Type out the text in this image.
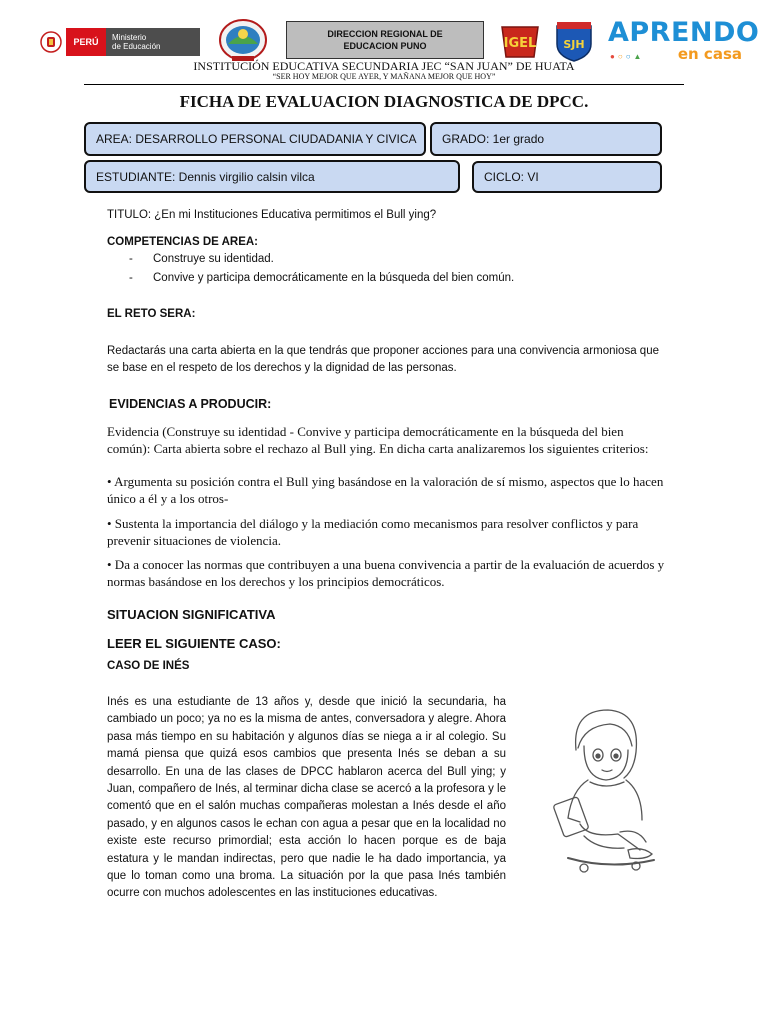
PERÚ	Ministerio
de Educación
DIRECCION REGIONAL DE
EDUCACION PUNO	IGEL SJH APRENDO
●○○▲ en casa
INSTITUCIÓN EDUCATIVA SECUNDARIA JEC “SAN JUAN” DE HUATA
“SER HOY MEJOR QUE AYER, Y MAÑANA MEJOR QUE HOY”
FICHA DE EVALUACION DIAGNOSTICA DE DPCC.
AREA: DESARROLLO PERSONAL CIUDADANIA Y CIVICA GRADO: 1er grado
ESTUDIANTE: Dennis virgilio calsin vilca	CICLO: VI
TITULO: ¿En mi Instituciones Educativa permitimos el Bull ying?
COMPETENCIAS DE AREA:
- Construye su identidad.
- Convive y participa democráticamente en la búsqueda del bien común.
EL RETO SERA:
Redactarás una carta abierta en la que tendrás que proponer acciones para una convivencia armoniosa que se base en el respeto de los derechos y la dignidad de las personas.
EVIDENCIAS A PRODUCIR:
Evidencia (Construye su identidad - Convive y participa democráticamente en la búsqueda del bien común): Carta abierta sobre el rechazo al Bull ying. En dicha carta analizaremos los siguientes criterios:
• Argumenta su posición contra el Bull ying basándose en la valoración de sí mismo, aspectos que lo hacen único a él y a los otros-
• Sustenta la importancia del diálogo y la mediación como mecanismos para resolver conflictos y para prevenir situaciones de violencia.
• Da a conocer las normas que contribuyen a una buena convivencia a partir de la evaluación de acuerdos y normas basándose en los derechos y los principios democráticos.
SITUACION SIGNIFICATIVA
LEER EL SIGUIENTE CASO:
CASO DE INÉS
Inés es una estudiante de 13 años y, desde que inició la secundaria, ha cambiado un poco; ya no es la misma de antes, conversadora y alegre. Ahora pasa más tiempo en su habitación y algunos días se niega a ir al colegio. Su mamá piensa que quizá esos cambios que presenta Inés se deban a su desarrollo. En una de las clases de DPCC hablaron acerca del Bull ying; y Juan, compañero de Inés, al terminar dicha clase se acercó a la profesora y le comentó que en el salón muchas compañeras molestan a Inés desde el año pasado, y en algunos casos le echan con agua a pesar que en la localidad no existe este recurso primordial; esta acción lo hacen porque es de baja estatura y le mandan indirectas, pero que nadie le ha dado importancia, ya que lo toman como una broma. La situación por la que pasa Inés también ocurre con muchos adolescentes en las instituciones educativas.
